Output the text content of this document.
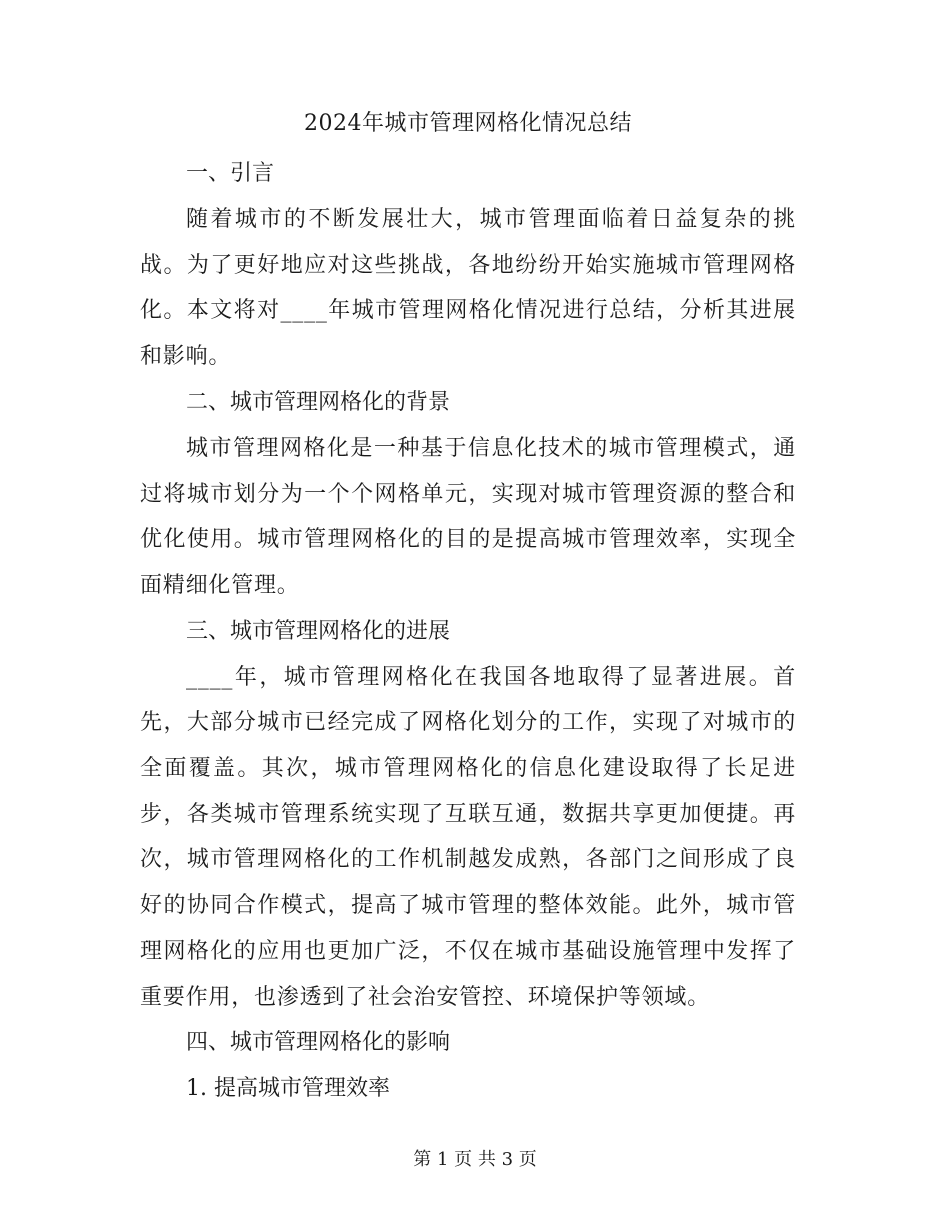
2024年城市管理网格化情况总结
一、引言

随着城市的不断发展壮大，城市管理面临着日益复杂的挑战。为了更好地应对这些挑战，各地纷纷开始实施城市管理网格化。本文将对____年城市管理网格化情况进行总结，分析其进展和影响。

二、城市管理网格化的背景

城市管理网格化是一种基于信息化技术的城市管理模式，通过将城市划分为一个个网格单元，实现对城市管理资源的整合和优化使用。城市管理网格化的目的是提高城市管理效率，实现全面精细化管理。

三、城市管理网格化的进展

____年，城市管理网格化在我国各地取得了显著进展。首先，大部分城市已经完成了网格化划分的工作，实现了对城市的全面覆盖。其次，城市管理网格化的信息化建设取得了长足进步，各类城市管理系统实现了互联互通，数据共享更加便捷。再次，城市管理网格化的工作机制越发成熟，各部门之间形成了良好的协同合作模式，提高了城市管理的整体效能。此外，城市管理网格化的应用也更加广泛，不仅在城市基础设施管理中发挥了重要作用，也渗透到了社会治安管控、环境保护等领域。

四、城市管理网格化的影响
1. 提高城市管理效率
第 1 页 共 3 页
